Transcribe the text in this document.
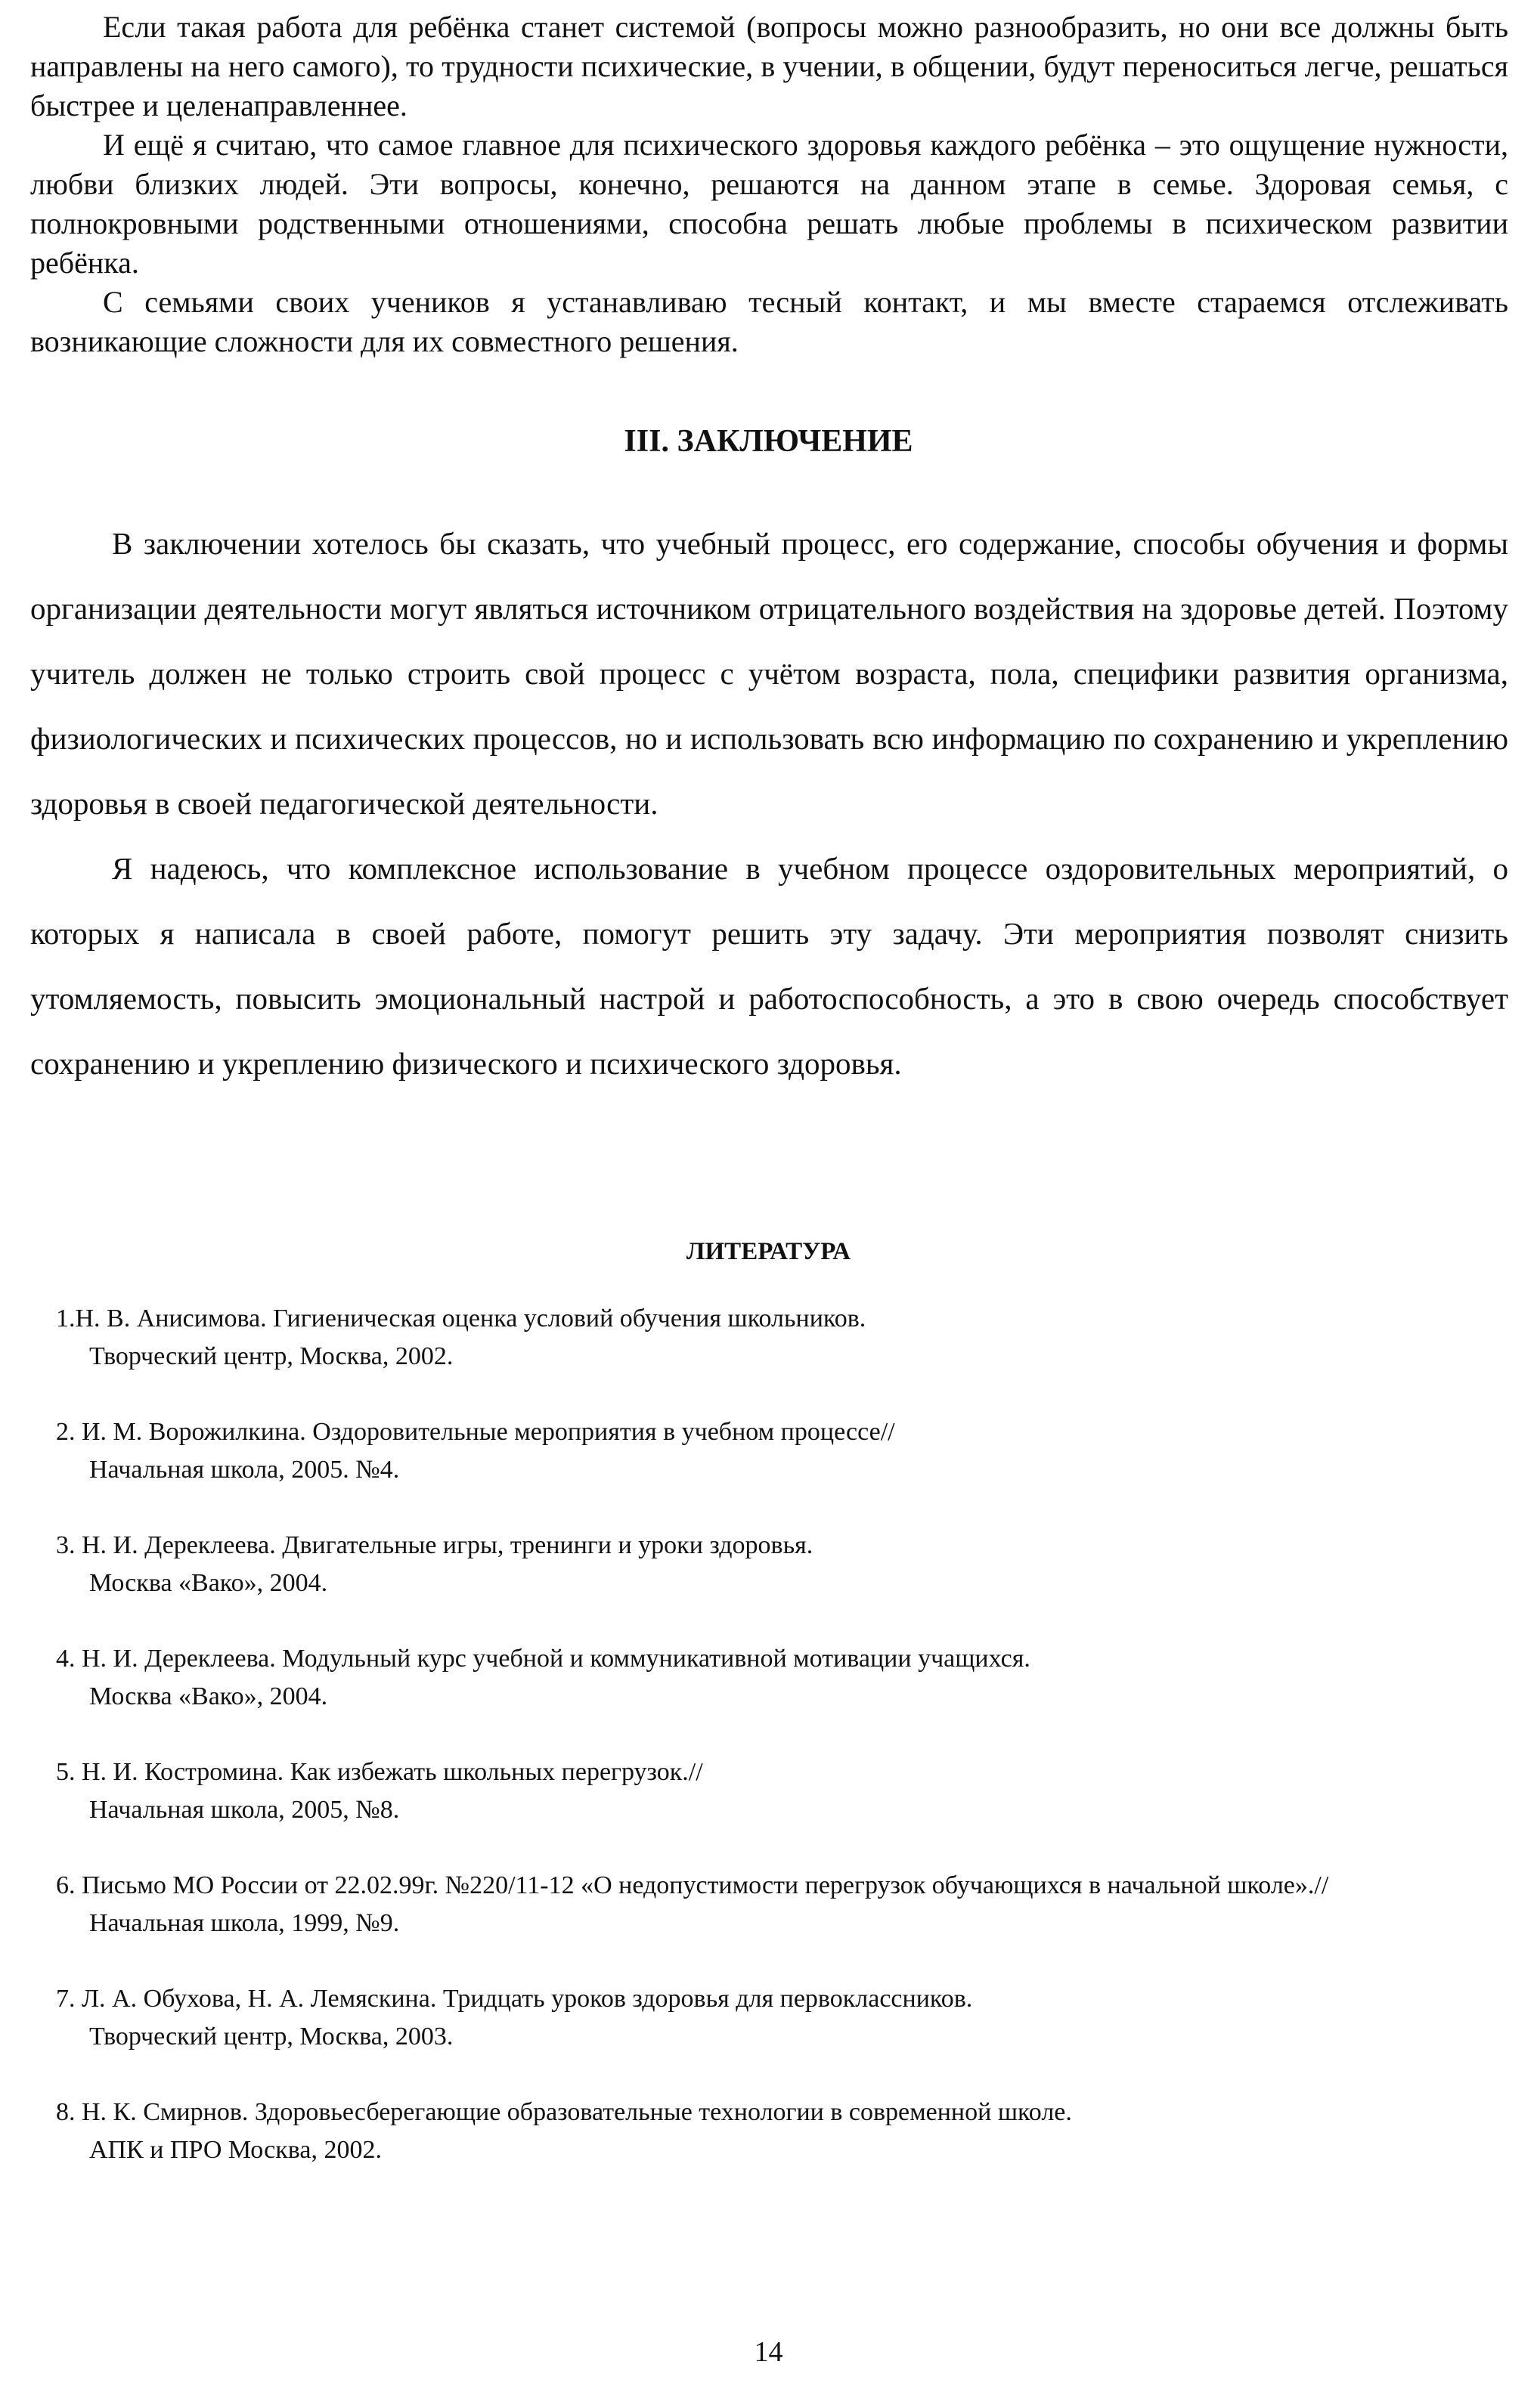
Если такая работа для ребёнка станет системой (вопросы можно разнообразить, но они все должны быть направлены на него самого), то трудности психические, в учении, в общении, будут переноситься легче, решаться быстрее и целенаправленнее.

И ещё я считаю, что самое главное для психического здоровья каждого ребёнка – это ощущение нужности, любви близких людей. Эти вопросы, конечно, решаются на данном этапе в семье. Здоровая семья, с полнокровными родственными отношениями, способна решать любые проблемы в психическом развитии ребёнка.

С семьями своих учеников я устанавливаю тесный контакт, и мы вместе стараемся отслеживать возникающие сложности для их совместного решения.

III. ЗАКЛЮЧЕНИЕ

В заключении хотелось бы сказать, что учебный процесс, его содержание, способы обучения и формы организации деятельности могут являться источником отрицательного воздействия на здоровье детей. Поэтому учитель должен не только строить свой процесс с учётом возраста, пола, специфики развития организма, физиологических и психических процессов, но и использовать всю информацию по сохранению и укреплению здоровья в своей педагогической деятельности.

Я надеюсь, что комплексное использование в учебном процессе оздоровительных мероприятий, о которых я написала в своей работе, помогут решить эту задачу. Эти мероприятия позволят снизить утомляемость, повысить эмоциональный настрой и работоспособность, а это в свою очередь способствует сохранению и укреплению физического и психического здоровья.

ЛИТЕРАТУРА
1.Н. В. Анисимова. Гигиеническая оценка условий обучения школьников.
Творческий центр, Москва, 2002.
2. И. М. Ворожилкина. Оздоровительные мероприятия в учебном процессе//
Начальная школа, 2005. №4.
3. Н. И. Дереклеева. Двигательные игры, тренинги и уроки здоровья.
Москва «Вако», 2004.
4. Н. И. Дереклеева. Модульный курс учебной и коммуникативной мотивации учащихся.
Москва «Вако», 2004.
5. Н. И. Костромина. Как избежать школьных перегрузок.//
Начальная школа, 2005, №8.
6. Письмо МО России от 22.02.99г. №220/11-12 «О недопустимости перегрузок обучающихся в начальной школе».//
Начальная школа, 1999, №9.
7. Л. А. Обухова, Н. А. Лемяскина. Тридцать уроков здоровья для первоклассников.
Творческий центр, Москва, 2003.
8. Н. К. Смирнов. Здоровьесберегающие образовательные технологии в современной школе.
АПК и ПРО Москва, 2002.
14
